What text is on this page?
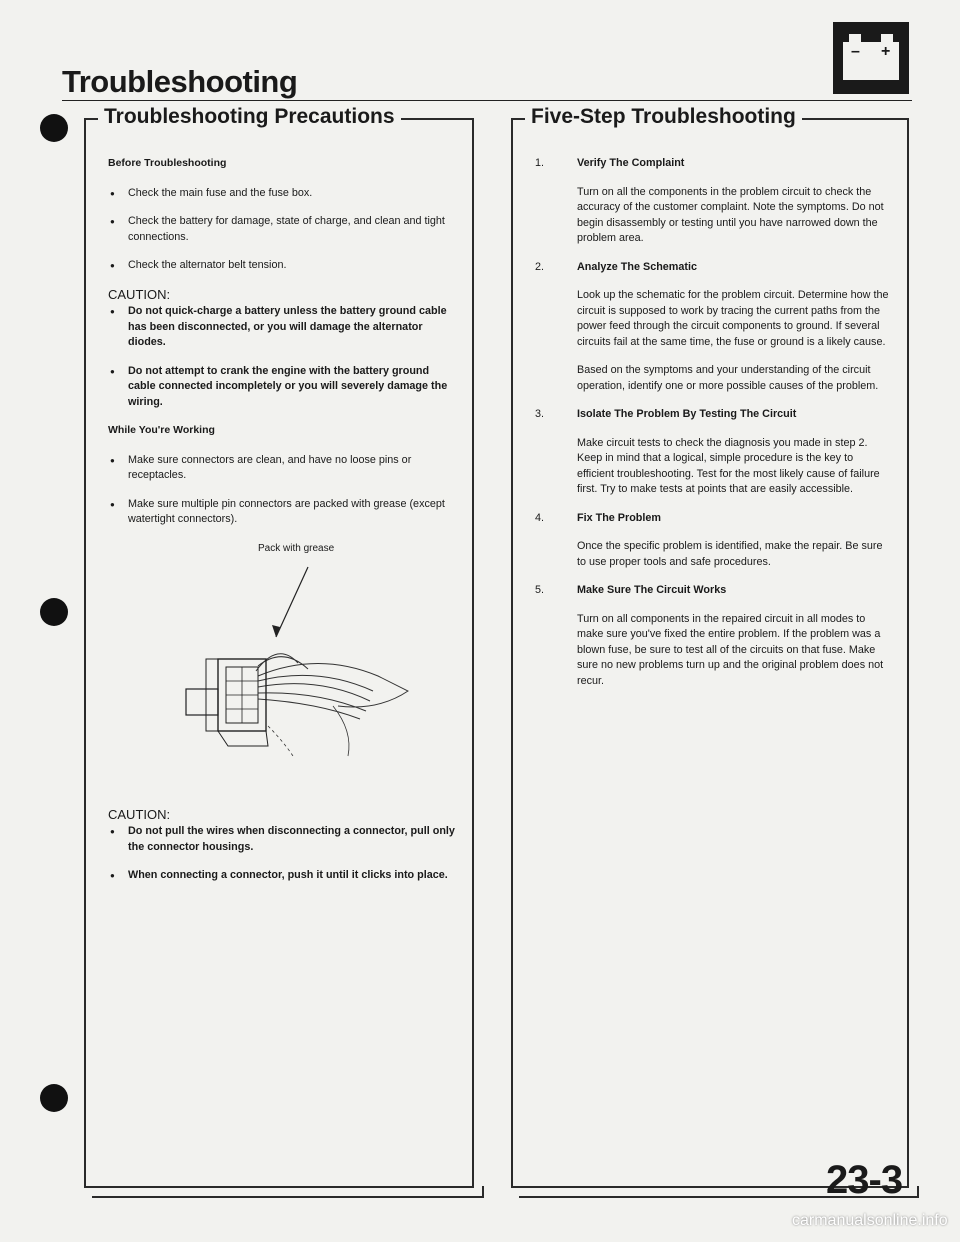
Troubleshooting
– +
Troubleshooting Precautions

Before Troubleshooting

● Check the main fuse and the fuse box.

● Check the battery for damage, state of charge, and clean and tight connections.

● Check the alternator belt tension.

CAUTION:

● Do not quick-charge a battery unless the battery ground cable has been disconnected, or you will damage the alternator diodes.

● Do not attempt to crank the engine with the battery ground cable connected incompletely or you will severely damage the wiring.

While You're Working

● Make sure connectors are clean, and have no loose pins or receptacles.

● Make sure multiple pin connectors are packed with grease (except watertight connectors).

Pack with grease

CAUTION:

● Do not pull the wires when disconnecting a connector, pull only the connector housings.

● When connecting a connector, push it until it clicks into place.

Five-Step Troubleshooting
1.	Verify The Complaint

Turn on all the components in the problem circuit to check the accuracy of the customer complaint. Note the symptoms. Do not begin disassembly or testing until you have narrowed down the problem area.

2.	Analyze The Schematic

Look up the schematic for the problem circuit. Determine how the circuit is supposed to work by tracing the current paths from the power feed through the circuit components to ground. If several circuits fail at the same time, the fuse or ground is a likely cause.

Based on the symptoms and your understanding of the circuit operation, identify one or more possible causes of the problem.

3.	Isolate The Problem By Testing The Circuit

Make circuit tests to check the diagnosis you made in step 2. Keep in mind that a logical, simple procedure is the key to efficient troubleshooting. Test for the most likely cause of failure first. Try to make tests at points that are easily accessible.

4.	Fix The Problem

Once the specific problem is identified, make the repair. Be sure to use proper tools and safe procedures.

5.	Make Sure The Circuit Works

Turn on all components in the repaired circuit in all modes to make sure you've fixed the entire problem. If the problem was a blown fuse, be sure to test all of the circuits on that fuse. Make sure no new problems turn up and the original problem does not recur.

23-3
carmanualsonline.info
